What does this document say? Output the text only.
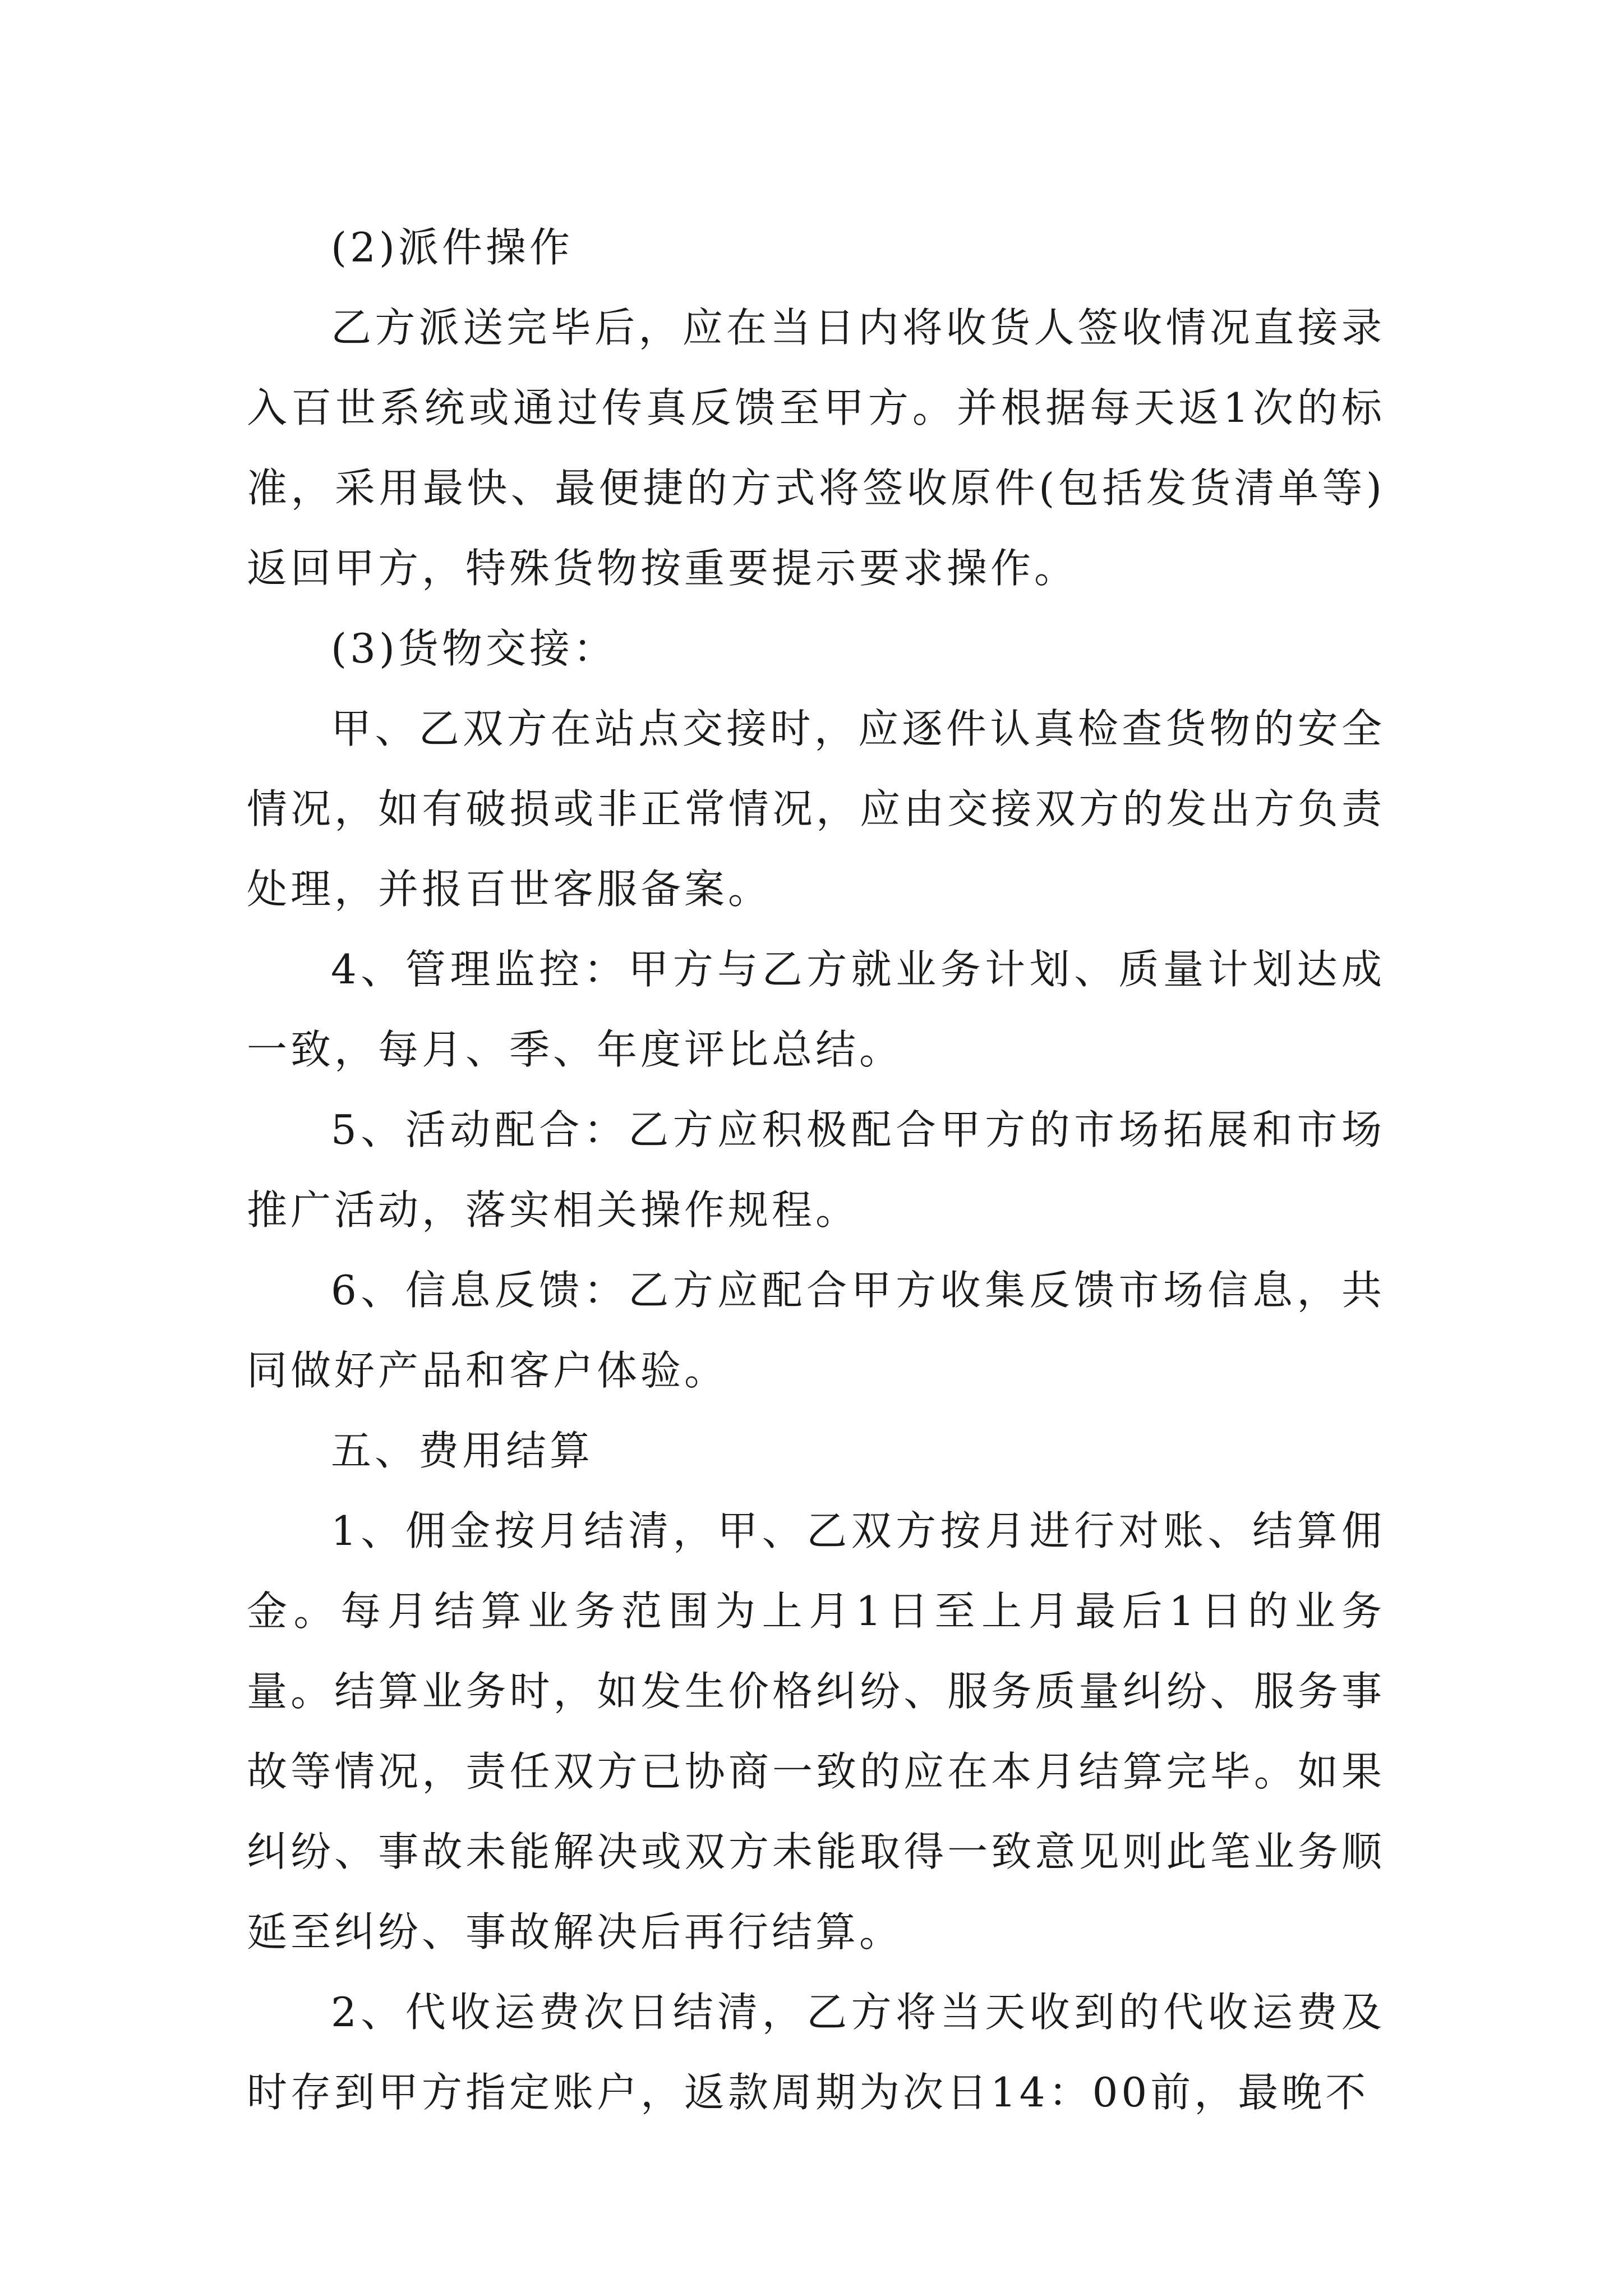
(2)派件操作

乙方派送完毕后，应在当日内将收货人签收情况直接录入百世系统或通过传真反馈至甲方。并根据每天返1次的标准，采用最快、最便捷的方式将签收原件(包括发货清单等)返回甲方，特殊货物按重要提示要求操作。

(3)货物交接：

甲、乙双方在站点交接时，应逐件认真检查货物的安全情况，如有破损或非正常情况，应由交接双方的发出方负责处理，并报百世客服备案。

4、管理监控：甲方与乙方就业务计划、质量计划达成一致，每月、季、年度评比总结。

5、活动配合：乙方应积极配合甲方的市场拓展和市场推广活动，落实相关操作规程。

6、信息反馈：乙方应配合甲方收集反馈市场信息，共同做好产品和客户体验。

五、费用结算

1、佣金按月结清，甲、乙双方按月进行对账、结算佣金。每月结算业务范围为上月1日至上月最后1日的业务量。结算业务时，如发生价格纠纷、服务质量纠纷、服务事故等情况，责任双方已协商一致的应在本月结算完毕。如果纠纷、事故未能解决或双方未能取得一致意见则此笔业务顺延至纠纷、事故解决后再行结算。

2、代收运费次日结清，乙方将当天收到的代收运费及时存到甲方指定账户，返款周期为次日14：00前，最晚不
